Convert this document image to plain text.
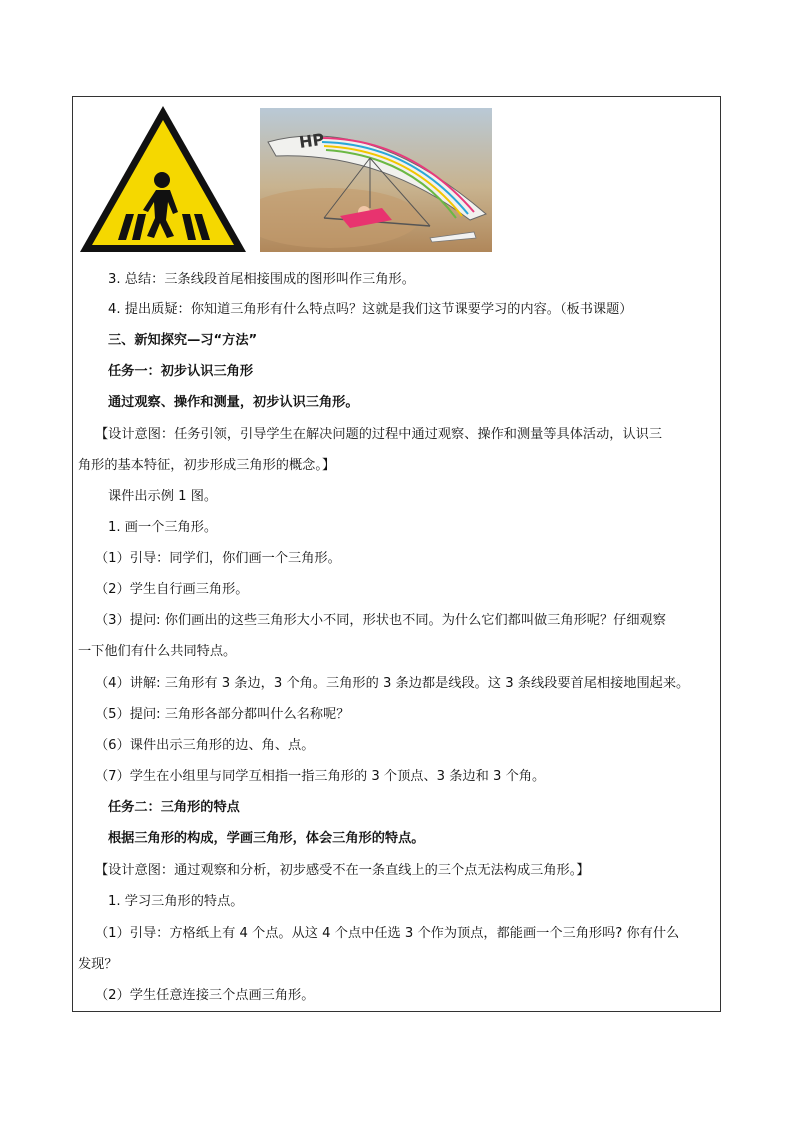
HP
3. 总结：三条线段首尾相接围成的图形叫作三角形。
4. 提出质疑：你知道三角形有什么特点吗？这就是我们这节课要学习的内容。（板书课题）
三、新知探究—习“方法”
任务一：初步认识三角形
通过观察、操作和测量，初步认识三角形。
【设计意图：任务引领，引导学生在解决问题的过程中通过观察、操作和测量等具体活动，认识三
角形的基本特征，初步形成三角形的概念。】
课件出示例 1 图。
1. 画一个三角形。
（1）引导：同学们，你们画一个三角形。
（2）学生自行画三角形。
（3）提问: 你们画出的这些三角形大小不同，形状也不同。为什么它们都叫做三角形呢？仔细观察
一下他们有什么共同特点。
（4）讲解: 三角形有 3 条边，3 个角。三角形的 3 条边都是线段。这 3 条线段要首尾相接地围起来。
（5）提问: 三角形各部分都叫什么名称呢？
（6）课件出示三角形的边、角、点。
（7）学生在小组里与同学互相指一指三角形的 3 个顶点、3 条边和 3 个角。
任务二：三角形的特点
根据三角形的构成，学画三角形，体会三角形的特点。
【设计意图：通过观察和分析，初步感受不在一条直线上的三个点无法构成三角形。】
1. 学习三角形的特点。
（1）引导：方格纸上有 4 个点。从这 4 个点中任选 3 个作为顶点，都能画一个三角形吗? 你有什么
发现？
（2）学生任意连接三个点画三角形。
